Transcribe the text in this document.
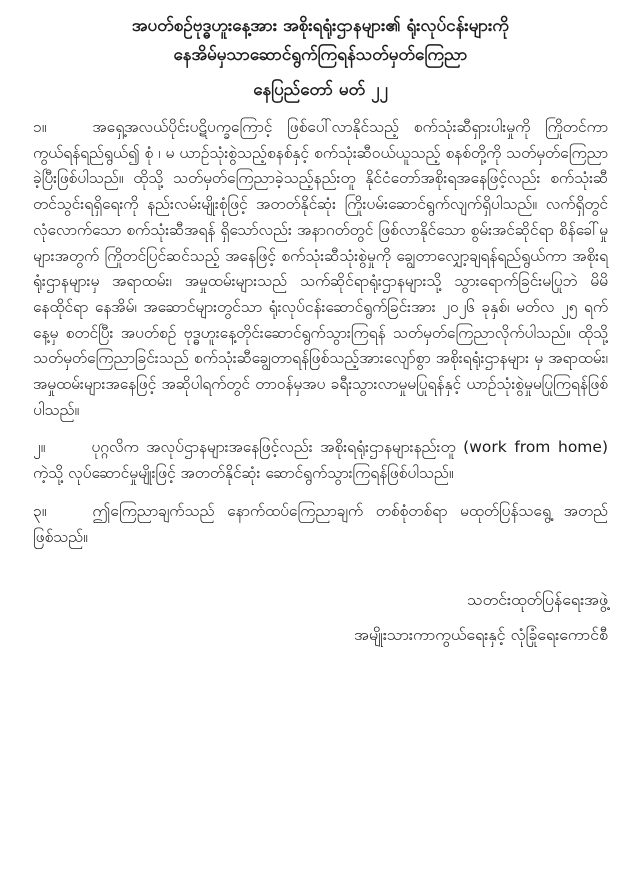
အပတ်စဉ်ဗုဒ္ဓဟူးနေ့အား အစိုးရရုံးဌာနများ၏ ရုံးလုပ်ငန်းများကို
နေအိမ်မှသာဆောင်ရွက်ကြရန်သတ်မှတ်ကြေညာ
နေပြည်တော် မတ် ၂၂

၁။	အရှေ့အလယ်ပိုင်းပဋိပက္ခကြောင့် ဖြစ်ပေါ်လာနိုင်သည့် စက်သုံးဆီရှားပါးမှုကို ကြိုတင်ကာကွယ်ရန်ရည်ရွယ်၍ စုံ ၊ မ ယာဉ်သုံးစွဲသည့်စနစ်နှင့် စက်သုံးဆီဝယ်ယူသည့် စနစ်တို့ကို သတ်မှတ်ကြေညာခဲ့ပြီးဖြစ်ပါသည်။ ထိုသို့ သတ်မှတ်ကြေညာခဲ့သည့်နည်းတူ နိုင်ငံတော်အစိုးရအနေဖြင့်လည်း စက်သုံးဆီ တင်သွင်းရရှိရေးကို နည်းလမ်းမျိုးစုံဖြင့် အတတ်နိုင်ဆုံး ကြိုးပမ်းဆောင်ရွက်လျက်ရှိပါသည်။ လက်ရှိတွင် လုံလောက်သော စက်သုံးဆီအရန် ရှိသော်လည်း အနာဂတ်တွင် ဖြစ်လာနိုင်သော စွမ်းအင်ဆိုင်ရာ စိန်ခေါ်မှုများအတွက် ကြိုတင်ပြင်ဆင်သည့် အနေဖြင့် စက်သုံးဆီသုံးစွဲမှုကို ချွေတာလျှော့ချရန်ရည်ရွယ်ကာ အစိုးရရုံးဌာနများမှ အရာထမ်း၊ အမှုထမ်းများသည် သက်ဆိုင်ရာရုံးဌာနများသို့ သွားရောက်ခြင်းမပြုဘဲ မိမိနေထိုင်ရာ နေအိမ်၊ အဆောင်များတွင်သာ ရုံးလုပ်ငန်းဆောင်ရွက်ခြင်းအား ၂၀၂၆ ခုနှစ်၊ မတ်လ ၂၅ ရက်နေ့မှ စတင်ပြီး အပတ်စဉ် ဗုဒ္ဓဟူးနေ့တိုင်းဆောင်ရွက်သွားကြရန် သတ်မှတ်ကြေညာလိုက်ပါသည်။ ထိုသို့ သတ်မှတ်ကြေညာခြင်းသည် စက်သုံးဆီချွေတာရန်ဖြစ်သည့်အားလျော်စွာ အစိုးရရုံးဌာနများ မှ အရာထမ်း၊ အမှုထမ်းများအနေဖြင့် အဆိုပါရက်တွင် တာဝန်မှအပ ခရီးသွားလာမှုမပြုရန်နှင့် ယာဉ်သုံးစွဲမှုမပြုကြရန်ဖြစ်ပါသည်။

၂။	ပုဂ္ဂလိက အလုပ်ဌာနများအနေဖြင့်လည်း အစိုးရရုံးဌာနများနည်းတူ (work from home) ကဲ့သို့ လုပ်ဆောင်မှုမျိုးဖြင့် အတတ်နိုင်ဆုံး ဆောင်ရွက်သွားကြရန်ဖြစ်ပါသည်။

၃။	ဤကြေညာချက်သည် နောက်ထပ်ကြေညာချက် တစ်စုံတစ်ရာ မထုတ်ပြန်သရွေ့ အတည်ဖြစ်သည်။

သတင်းထုတ်ပြန်ရေးအဖွဲ့
အမျိုးသားကာကွယ်ရေးနှင့် လုံခြုံရေးကောင်စီ
